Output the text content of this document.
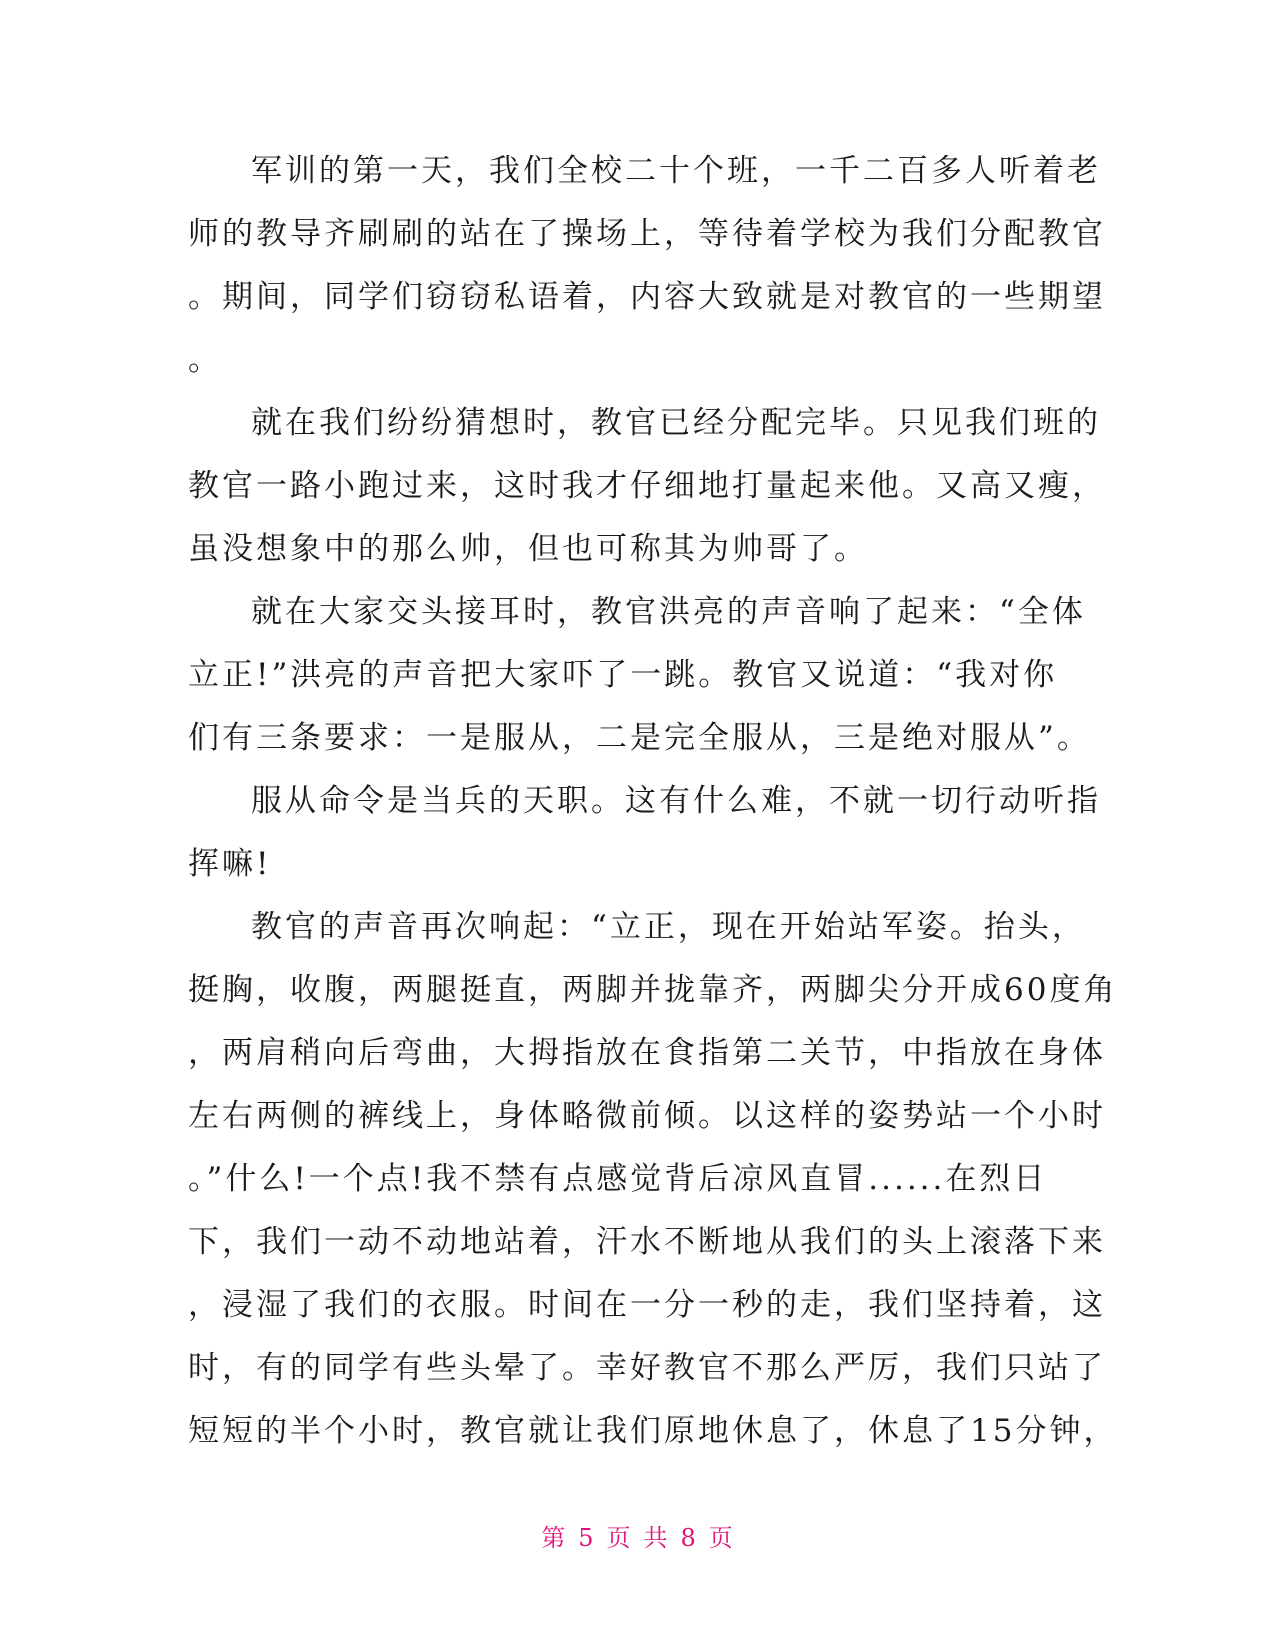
军训的第一天，我们全校二十个班，一千二百多人听着老
师的教导齐刷刷的站在了操场上，等待着学校为我们分配教官
。期间，同学们窃窃私语着，内容大致就是对教官的一些期望
。
就在我们纷纷猜想时，教官已经分配完毕。只见我们班的
教官一路小跑过来，这时我才仔细地打量起来他。又高又瘦，
虽没想象中的那么帅，但也可称其为帅哥了。
就在大家交头接耳时，教官洪亮的声音响了起来：“全体
立正!”洪亮的声音把大家吓了一跳。教官又说道：“我对你
们有三条要求：一是服从，二是完全服从，三是绝对服从”。
服从命令是当兵的天职。这有什么难，不就一切行动听指
挥嘛!
教官的声音再次响起：“立正，现在开始站军姿。抬头，
挺胸，收腹，两腿挺直，两脚并拢靠齐，两脚尖分开成60度角
，两肩稍向后弯曲，大拇指放在食指第二关节，中指放在身体
左右两侧的裤线上，身体略微前倾。以这样的姿势站一个小时
。”什么!一个点!我不禁有点感觉背后凉风直冒......在烈日
下，我们一动不动地站着，汗水不断地从我们的头上滚落下来
，浸湿了我们的衣服。时间在一分一秒的走，我们坚持着，这
时，有的同学有些头晕了。幸好教官不那么严厉，我们只站了
短短的半个小时，教官就让我们原地休息了，休息了15分钟，
第 5 页 共 8 页
